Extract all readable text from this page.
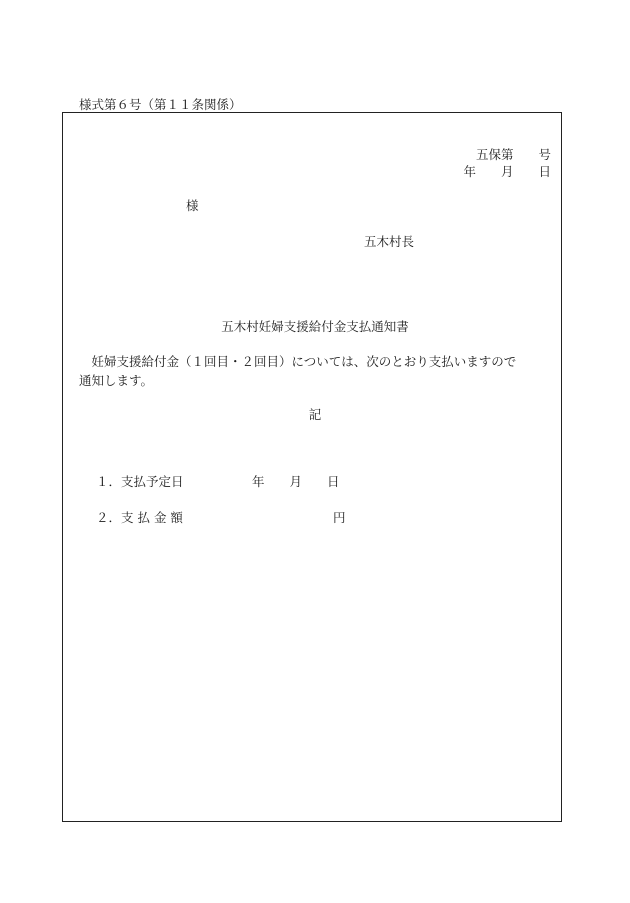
様式第６号（第１１条関係）
五保第　　号
年　　月　　日
様
五木村長
五木村妊婦支援給付金支払通知書
　妊婦支援給付金（１回目・２回目）については、次のとおり支払いますので
通知します。
記
１．支払予定日	年　　月　　日
２．支 払 金 額	円
